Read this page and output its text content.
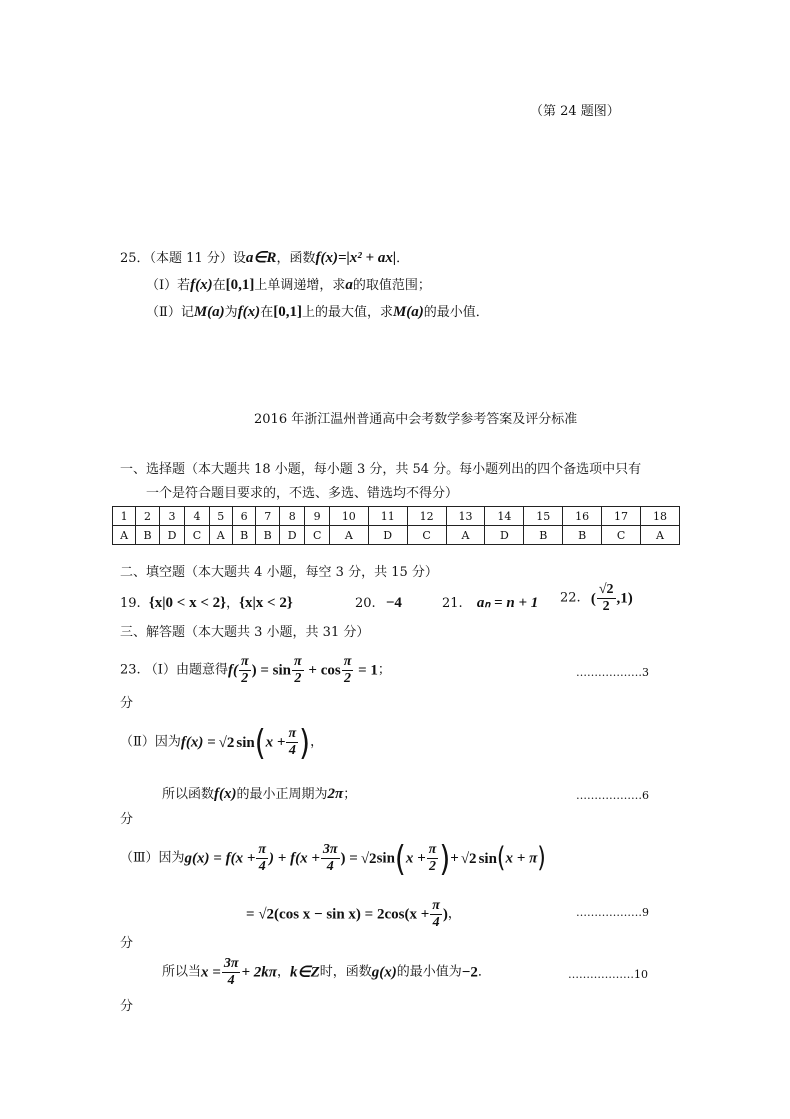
（第 24 题图）
25．（本题 11 分）设a∈R，函数f(x)=|x² + ax|．
（Ⅰ）若f(x)在[0,1]上单调递增，求a的取值范围；
（Ⅱ）记M(a)为f(x)在[0,1]上的最大值，求M(a)的最小值．
2016 年浙江温州普通高中会考数学参考答案及评分标准
一、选择题（本大题共 18 小题，每小题 3 分，共 54 分。每小题列出的四个备选项中只有
一个是符合题目要求的，不选、多选、错选均不得分）
1	2	3	4	5	6	7	8	9	10	11	12	13	14	15	16	17	18
A	B	D	C	A	B	B	D	C	A	D	C	A	D	B	B	C	A
二、填空题（本大题共 4 小题，每空 3 分，共 15 分）
19. {x|0 < x < 2}，{x|x < 2}	20. −4	21. aₙ = n + 1 22. ( $\frac{√2}{2} ,1$)
三、解答题（本大题共 3 小题，共 31 分）
23. （Ⅰ）由题意得$f( \frac{\pi}{2}$ ) = $\sin \frac{\pi}{2} + \cos \frac{\pi}{2} = 1$；	………………3
分
（Ⅱ）因为f(x) = √2 $\sin(x + \frac{\pi}{4}$ )，
所以函数f(x)的最小正周期为2π；	………………6
分
（Ⅲ）因为$g(x) = f(x + \frac{\pi}{4}$ ) + $f(x + \frac{3\pi}{4}$ ) = $√2\sin(x + \frac{\pi}{2}$ )+ √2 sin(x + π)
= √2(cos $x - \sin x) = 2\cos(x + \frac{\pi}{4}$ )，	………………9
分
所以当$x = \frac{3\pi}{4} + 2k\pi$，k∈Z时，函数g(x)的最小值为−2．	………………10
分
